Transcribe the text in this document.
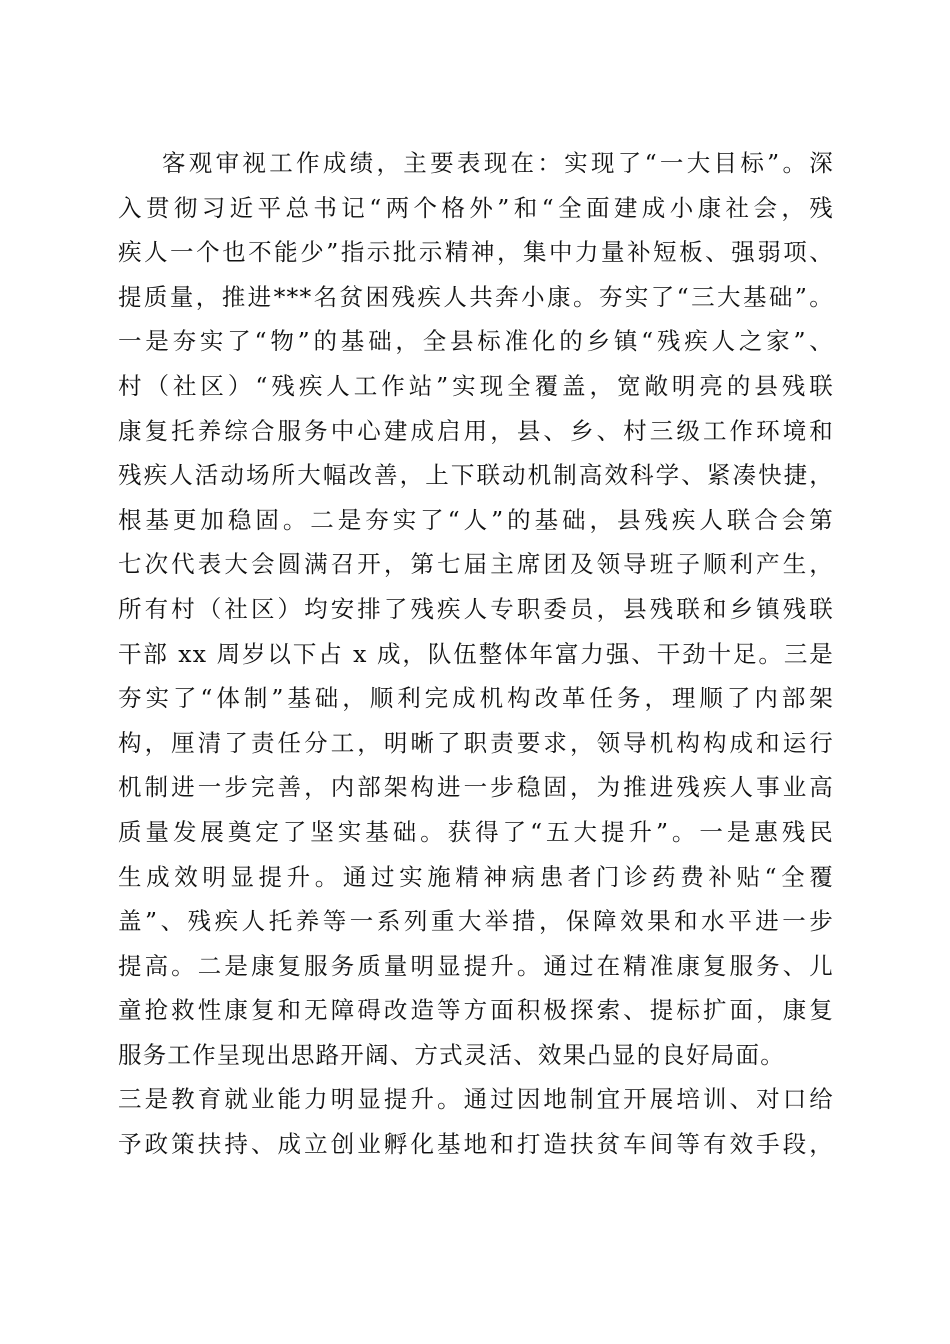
客观审视工作成绩，主要表现在：实现了“一大目标”。深
入贯彻习近平总书记“两个格外”和“全面建成小康社会，残
疾人一个也不能少”指示批示精神，集中力量补短板、强弱项、
提质量，推进***名贫困残疾人共奔小康。夯实了“三大基础”。
一是夯实了“物”的基础，全县标准化的乡镇“残疾人之家”、
村（社区）“残疾人工作站”实现全覆盖，宽敞明亮的县残联
康复托养综合服务中心建成启用，县、乡、村三级工作环境和
残疾人活动场所大幅改善，上下联动机制高效科学、紧凑快捷，
根基更加稳固。二是夯实了“人”的基础，县残疾人联合会第
七次代表大会圆满召开，第七届主席团及领导班子顺利产生，
所有村（社区）均安排了残疾人专职委员，县残联和乡镇残联
干部 xx 周岁以下占 x 成，队伍整体年富力强、干劲十足。三是
夯实了“体制”基础，顺利完成机构改革任务，理顺了内部架
构，厘清了责任分工，明晰了职责要求，领导机构构成和运行
机制进一步完善，内部架构进一步稳固，为推进残疾人事业高
质量发展奠定了坚实基础。获得了“五大提升”。一是惠残民
生成效明显提升。通过实施精神病患者门诊药费补贴“全覆
盖”、残疾人托养等一系列重大举措，保障效果和水平进一步
提高。二是康复服务质量明显提升。通过在精准康复服务、儿
童抢救性康复和无障碍改造等方面积极探索、提标扩面，康复
服务工作呈现出思路开阔、方式灵活、效果凸显的良好局面。
三是教育就业能力明显提升。通过因地制宜开展培训、对口给
予政策扶持、成立创业孵化基地和打造扶贫车间等有效手段，
